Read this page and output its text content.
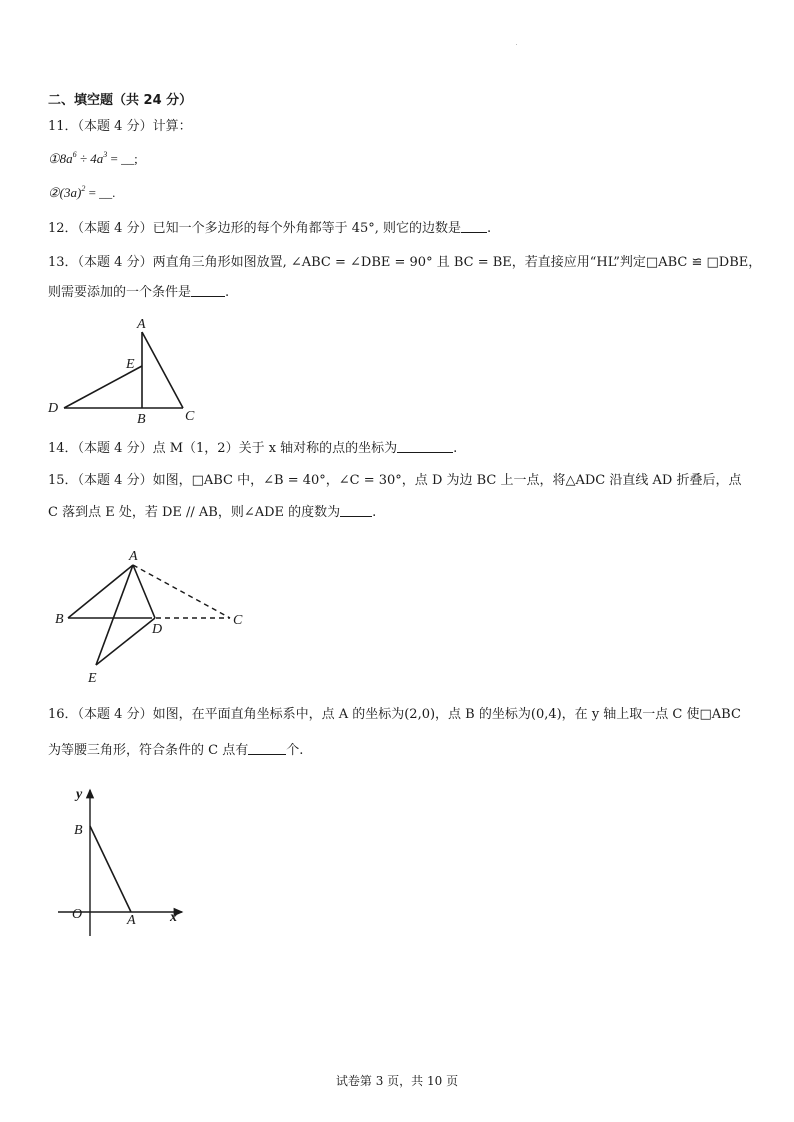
二、填空题（共 24 分）
11．（本题 4 分）计算：
$①8a^6 \div 4a^3$ = __;
$②(3a)^2$ = __.
12．（本题 4 分）已知一个多边形的每个外角都等于 45°, 则它的边数是 .
13．（本题 4 分）两直角三角形如图放置, ∠ABC = ∠DBE = 90° 且 BC = BE，若直接应用“HL”判定□ABC ≌ □DBE，
则需要添加的一个条件是	.
A
E
D
B	C
14．（本题 4 分）点 M（1，2）关于 x 轴对称的点的坐标为	.
15．（本题 4 分）如图，□ABC 中，∠B = 40°，∠C = 30°，点 D 为边 BC 上一点，将△ADC 沿直线 AD 折叠后，点
C 落到点 E 处，若 DE // AB，则∠ADE 的度数为 .
A
B
D
C
E
16．（本题 4 分）如图，在平面直角坐标系中，点 A 的坐标为(2,0)，点 B 的坐标为(0,4)，在 y 轴上取一点 C 使□ABC
为等腰三角形，符合条件的 C 点有	个.
y
x
O	A
B
试卷第 3 页，共 10 页
